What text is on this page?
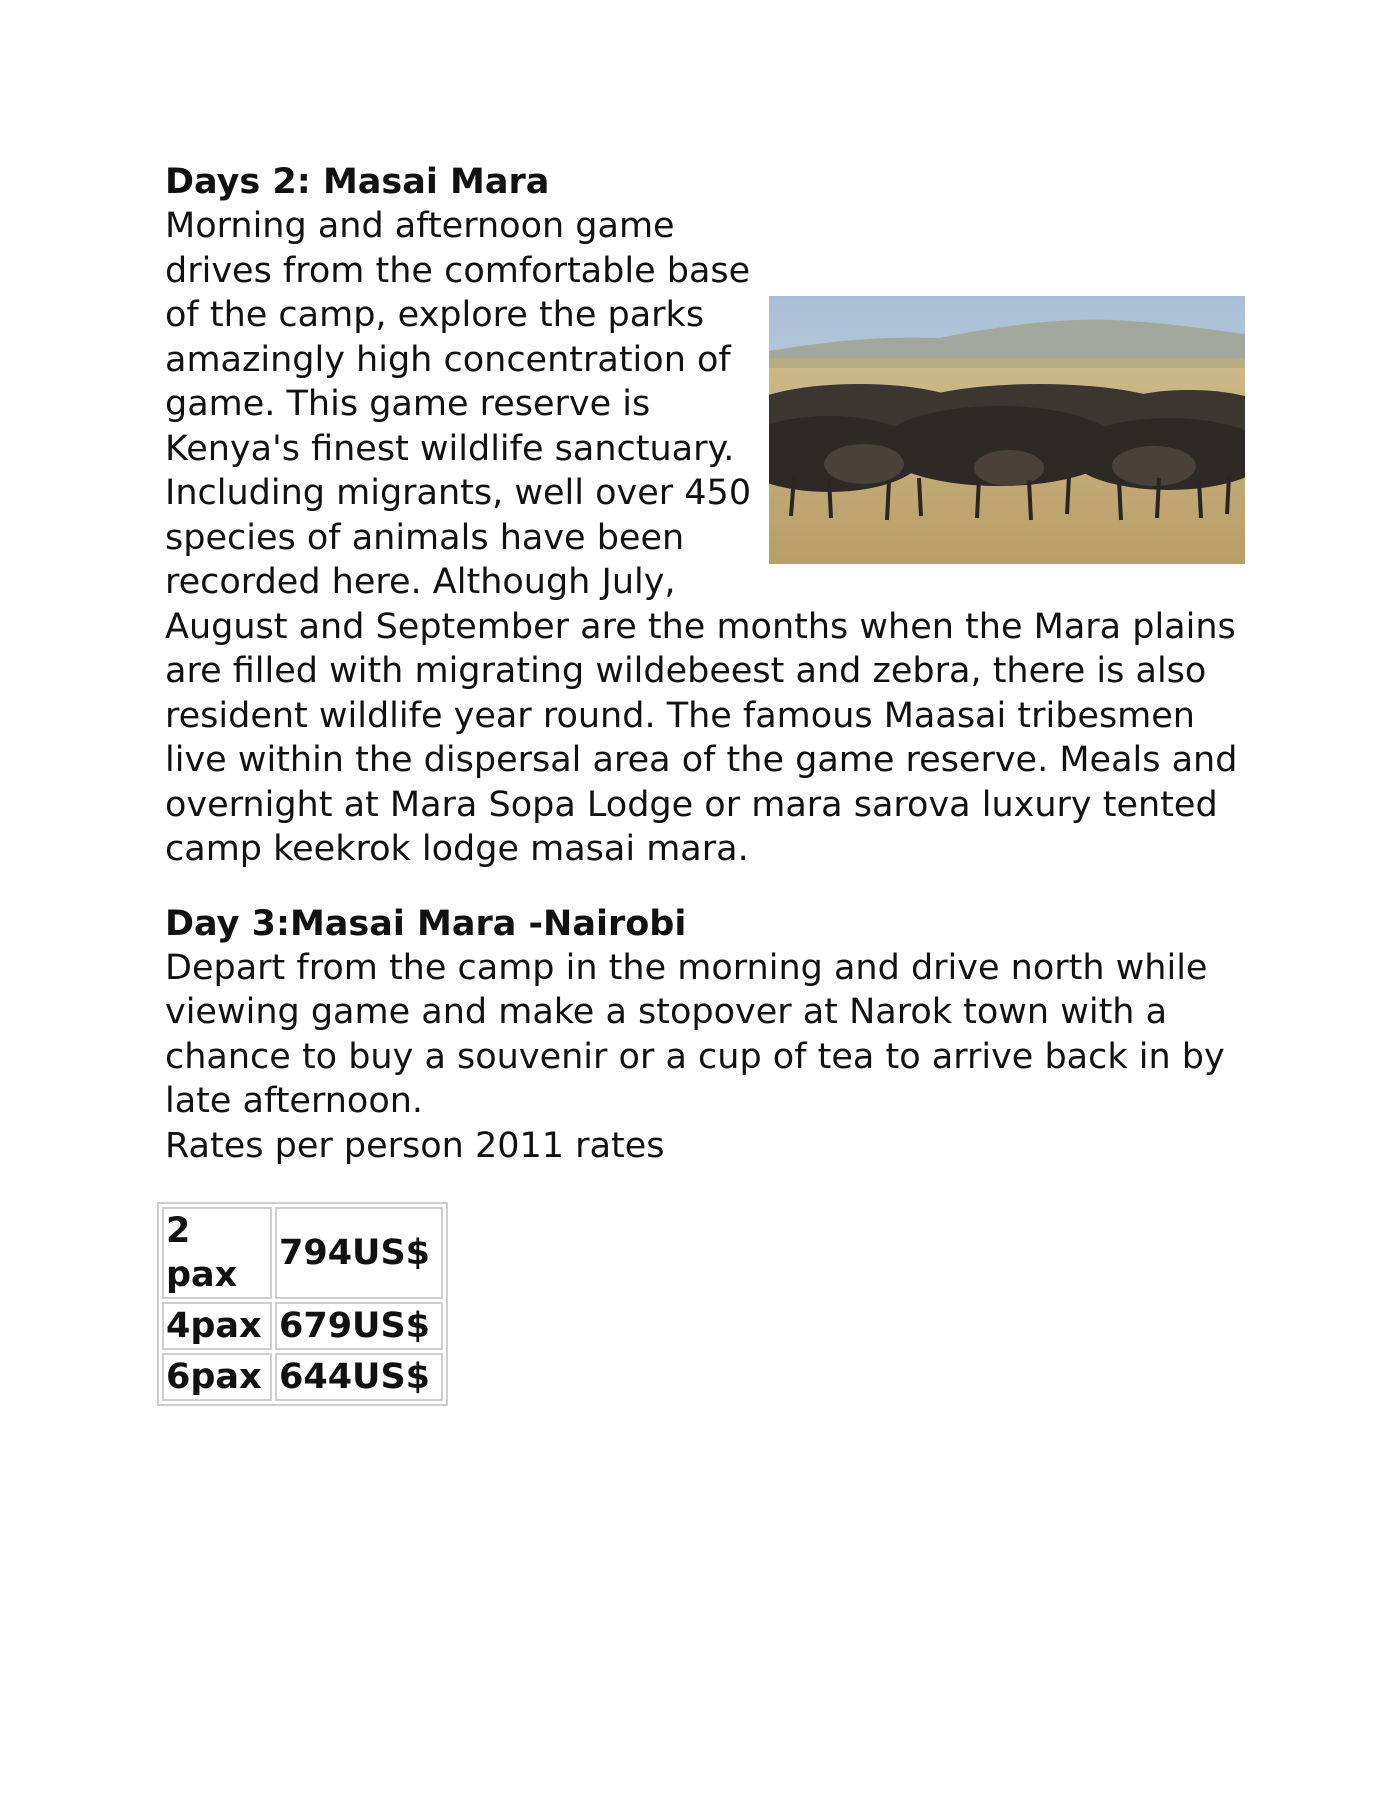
Days 2: Masai Mara

Morning and afternoon game drives from the comfortable base of the camp, explore the parks amazingly high concentration of game. This game reserve is Kenya's finest wildlife sanctuary. Including migrants, well over 450 species of animals have been recorded here. Although July, August and September are the months when the Mara plains are filled with migrating wildebeest and zebra, there is also resident wildlife year round. The famous Maasai tribesmen live within the dispersal area of the game reserve. Meals and overnight at Mara Sopa Lodge or mara sarova luxury tented camp keekrok lodge masai mara.

Day 3:Masai Mara -Nairobi

Depart from the camp in the morning and drive north while viewing game and make a stopover at Narok town with a chance to buy a souvenir or a cup of tea to arrive back in by late afternoon.

Rates per person 2011 rates

2 pax	794US$
4pax	679US$
6pax	644US$
